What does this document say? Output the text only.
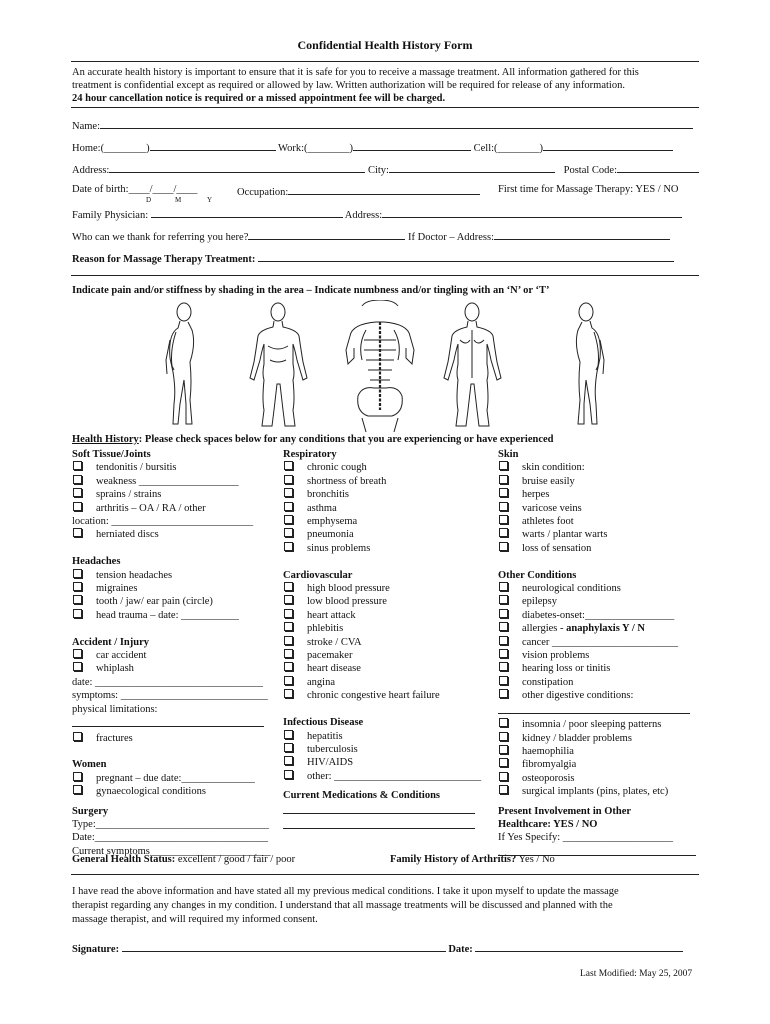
Confidential Health History Form
An accurate health history is important to ensure that it is safe for you to receive a massage treatment. All information gathered for this
treatment is confidential except as required or allowed by law. Written authorization will be required for release of any information.
24 hour cancellation notice is required or a missed appointment fee will be charged.
Name:
Home:(________)	Work:(________)	Cell:(________)
Address:	City:	Postal Code:
Date of birth:____/____/____
D	M	Y
Occupation:	First time for Massage Therapy: YES / NO
Family Physician:	Address:
Who can we thank for referring you here?	If Doctor – Address:
Reason for Massage Therapy Treatment:
Indicate pain and/or stiffness by shading in the area – Indicate numbness and/or tingling with an ‘N’ or ‘T’
Health History: Please check spaces below for any conditions that you are experiencing or have experienced
Soft Tissue/Joints
tendonitis / bursitis
weakness ___________________
sprains / strains
arthritis – OA / RA / other
location: ___________________________
herniated discs
Headaches
tension headaches
migraines
tooth / jaw/ ear pain (circle)
head trauma – date: ___________
Accident / Injury
car accident
whiplash
date: ________________________________
symptoms: ____________________________
physical limitations:
fractures
Women
pregnant – due date:______________
gynaecological conditions
Surgery
Type:_________________________________
Date:_________________________________
Current symptoms_______________________
General Health Status: excellent / good / fair / poor
Respiratory
chronic cough
shortness of breath
bronchitis
asthma
emphysema
pneumonia
sinus problems
Cardiovascular
high blood pressure
low blood pressure
heart attack
phlebitis
stroke / CVA
pacemaker
heart disease
angina
chronic congestive heart failure
Infectious Disease
hepatitis
tuberculosis
HIV/AIDS
other: ____________________________
Current Medications & Conditions
Family History of Arthritis? Yes / No
Skin
skin condition:
bruise easily
herpes
varicose veins
athletes foot
warts / plantar warts
loss of sensation
Other Conditions
neurological conditions
epilepsy
diabetes-onset:_________________
allergies - anaphylaxis Y / N
cancer ________________________
vision problems
hearing loss or tinitis
constipation
other digestive conditions:
insomnia / poor sleeping patterns
kidney / bladder problems
haemophilia
fibromyalgia
osteoporosis
surgical implants (pins, plates, etc)
Present Involvement in Other
Healthcare: YES / NO
If Yes Specify: _____________________
I have read the above information and have stated all my previous medical conditions. I take it upon myself to update the massage
therapist regarding any changes in my condition. I understand that all massage treatments will be discussed and planned with the
massage therapist, and will required my informed consent.
Signature:	Date:
Last Modified: May 25, 2007
